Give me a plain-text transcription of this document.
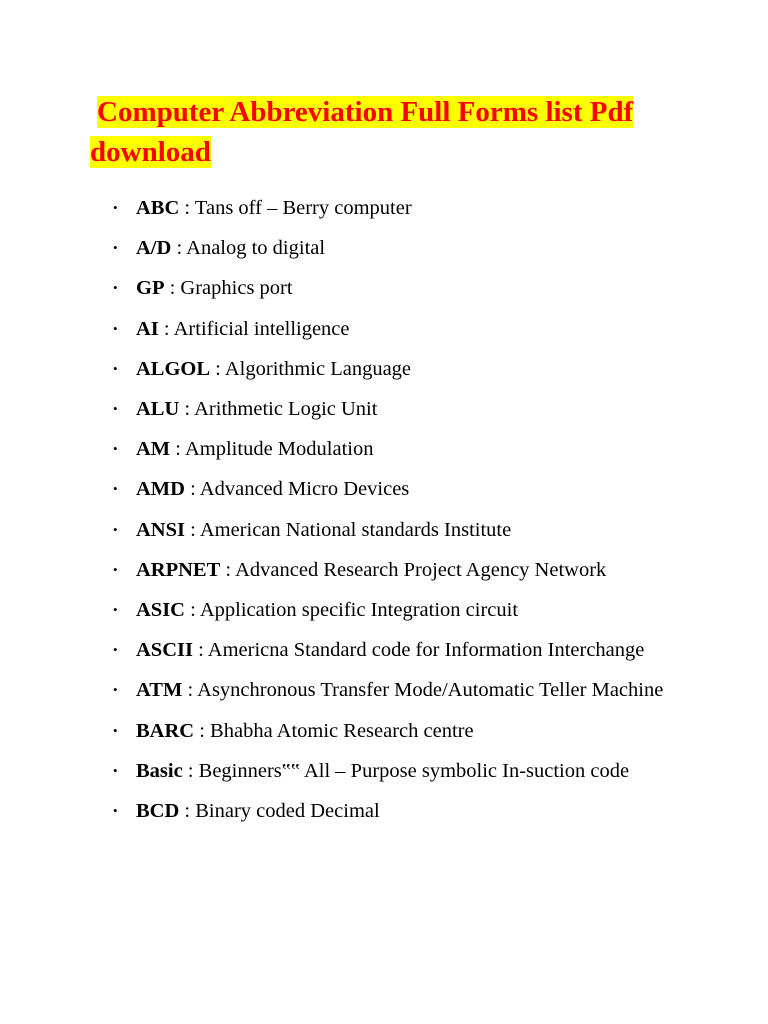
Computer Abbreviation Full Forms list Pdf
download
• ABC : Tans off – Berry computer
• A/D : Analog to digital
• GP : Graphics port
• AI : Artificial intelligence
• ALGOL : Algorithmic Language
• ALU : Arithmetic Logic Unit
• AM : Amplitude Modulation
• AMD : Advanced Micro Devices
• ANSI : American National standards Institute
• ARPNET : Advanced Research Project Agency Network
• ASIC : Application specific Integration circuit
• ASCII : Americna Standard code for Information Interchange
• ATM : Asynchronous Transfer Mode/Automatic Teller Machine
• BARC : Bhabha Atomic Research centre
• Basic : Beginners‟‟ All – Purpose symbolic In-suction code
• BCD : Binary coded Decimal
